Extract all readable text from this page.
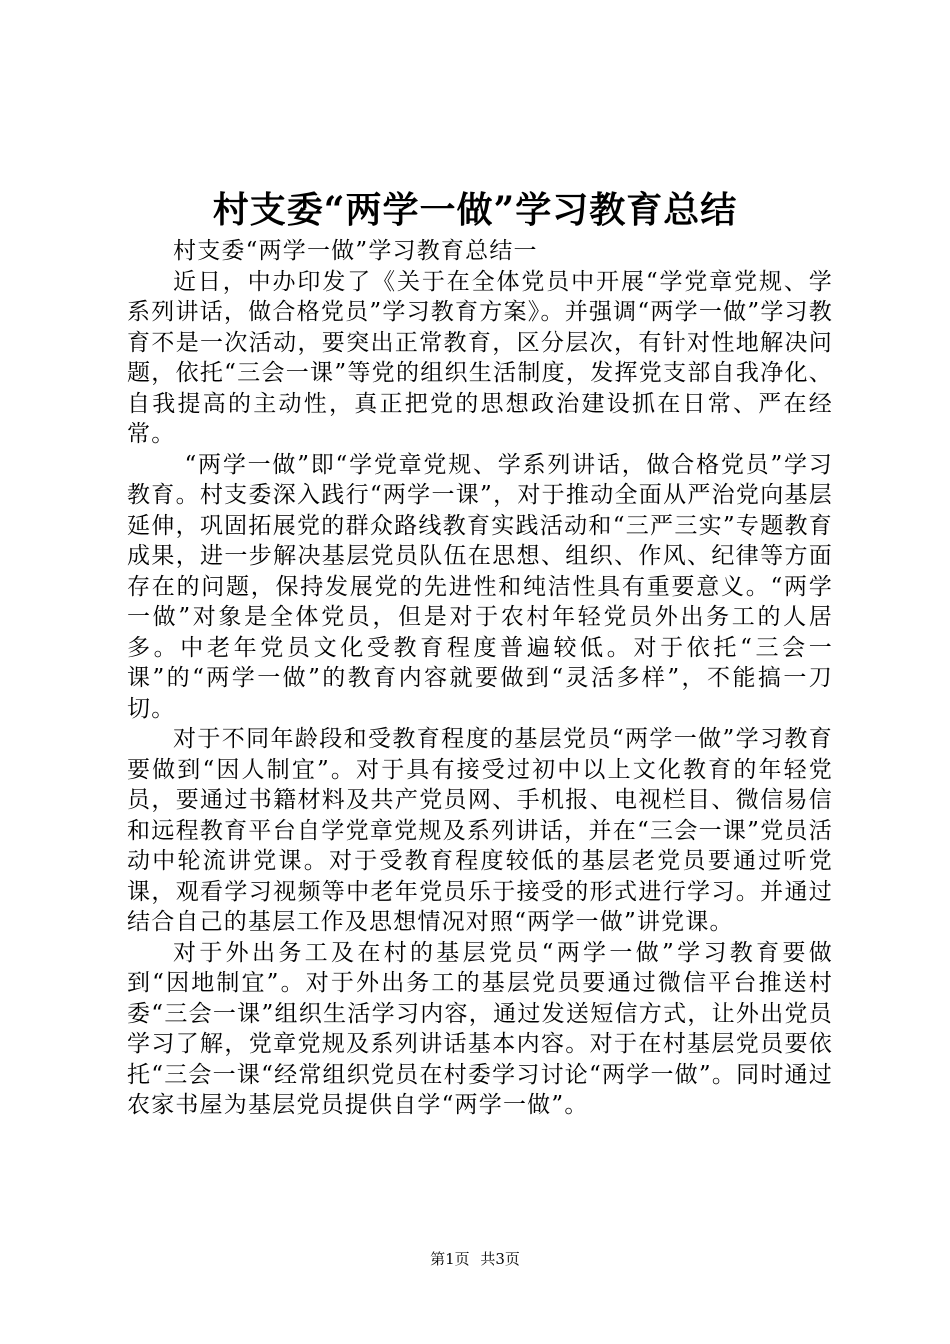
村支委“两学一做”学习教育总结

村支委“两学一做”学习教育总结一

近日，中办印发了《关于在全体党员中开展“学党章党规、学系列讲话，做合格党员”学习教育方案》。并强调“两学一做”学习教育不是一次活动，要突出正常教育，区分层次，有针对性地解决问题，依托“三会一课”等党的组织生活制度，发挥党支部自我净化、自我提高的主动性，真正把党的思想政治建设抓在日常、严在经常。

“两学一做”即“学党章党规、学系列讲话，做合格党员”学习教育。村支委深入践行“两学一课”，对于推动全面从严治党向基层延伸，巩固拓展党的群众路线教育实践活动和“三严三实”专题教育成果，进一步解决基层党员队伍在思想、组织、作风、纪律等方面存在的问题，保持发展党的先进性和纯洁性具有重要意义。“两学一做”对象是全体党员，但是对于农村年轻党员外出务工的人居多。中老年党员文化受教育程度普遍较低。对于依托“三会一课”的“两学一做”的教育内容就要做到“灵活多样”，不能搞一刀切。

对于不同年龄段和受教育程度的基层党员“两学一做”学习教育要做到“因人制宜”。对于具有接受过初中以上文化教育的年轻党员，要通过书籍材料及共产党员网、手机报、电视栏目、微信易信和远程教育平台自学党章党规及系列讲话，并在“三会一课”党员活动中轮流讲党课。对于受教育程度较低的基层老党员要通过听党课，观看学习视频等中老年党员乐于接受的形式进行学习。并通过结合自己的基层工作及思想情况对照“两学一做”讲党课。

对于外出务工及在村的基层党员“两学一做”学习教育要做到“因地制宜”。对于外出务工的基层党员要通过微信平台推送村委“三会一课”组织生活学习内容，通过发送短信方式，让外出党员学习了解，党章党规及系列讲话基本内容。对于在村基层党员要依托“三会一课“经常组织党员在村委学习讨论“两学一做”。同时通过农家书屋为基层党员提供自学“两学一做”。

第1页 共3页
